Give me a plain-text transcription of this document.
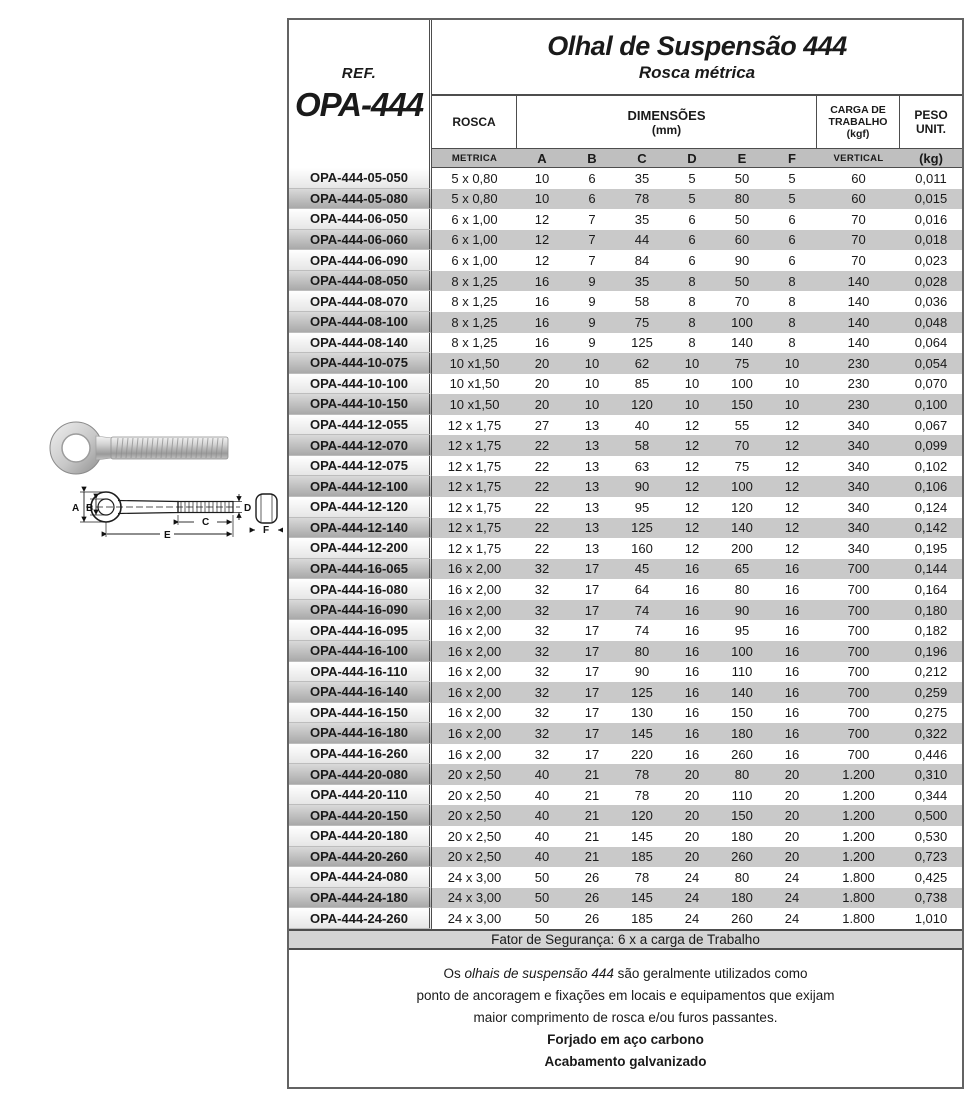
A B
C
D
E	F
REF.
OPA-444
Olhal de Suspensão 444
Rosca métrica
ROSCA	DIMENSÕES
(mm)
CARGA DE
TRABALHO
(kgf)
PESO
UNIT.
METRICA	A	B	C	D	E	F	VERTICAL	(kg)
OPA-444-05-050	5 x 0,80	10	6	35	5	50	5	60	0,011
OPA-444-05-080	5 x 0,80	10	6	78	5	80	5	60	0,015
OPA-444-06-050	6 x 1,00	12	7	35	6	50	6	70	0,016
OPA-444-06-060	6 x 1,00	12	7	44	6	60	6	70	0,018
OPA-444-06-090	6 x 1,00	12	7	84	6	90	6	70	0,023
OPA-444-08-050	8 x 1,25	16	9	35	8	50	8	140	0,028
OPA-444-08-070	8 x 1,25	16	9	58	8	70	8	140	0,036
OPA-444-08-100	8 x 1,25	16	9	75	8	100	8	140	0,048
OPA-444-08-140	8 x 1,25	16	9	125	8	140	8	140	0,064
OPA-444-10-075	10 x1,50	20	10	62	10	75	10	230	0,054
OPA-444-10-100	10 x1,50	20	10	85	10	100	10	230	0,070
OPA-444-10-150	10 x1,50	20	10	120	10	150	10	230	0,100
OPA-444-12-055	12 x 1,75	27	13	40	12	55	12	340	0,067
OPA-444-12-070	12 x 1,75	22	13	58	12	70	12	340	0,099
OPA-444-12-075	12 x 1,75	22	13	63	12	75	12	340	0,102
OPA-444-12-100	12 x 1,75	22	13	90	12	100	12	340	0,106
OPA-444-12-120	12 x 1,75	22	13	95	12	120	12	340	0,124
OPA-444-12-140	12 x 1,75	22	13	125	12	140	12	340	0,142
OPA-444-12-200	12 x 1,75	22	13	160	12	200	12	340	0,195
OPA-444-16-065	16 x 2,00	32	17	45	16	65	16	700	0,144
OPA-444-16-080	16 x 2,00	32	17	64	16	80	16	700	0,164
OPA-444-16-090	16 x 2,00	32	17	74	16	90	16	700	0,180
OPA-444-16-095	16 x 2,00	32	17	74	16	95	16	700	0,182
OPA-444-16-100	16 x 2,00	32	17	80	16	100	16	700	0,196
OPA-444-16-110	16 x 2,00	32	17	90	16	110	16	700	0,212
OPA-444-16-140	16 x 2,00	32	17	125	16	140	16	700	0,259
OPA-444-16-150	16 x 2,00	32	17	130	16	150	16	700	0,275
OPA-444-16-180	16 x 2,00	32	17	145	16	180	16	700	0,322
OPA-444-16-260	16 x 2,00	32	17	220	16	260	16	700	0,446
OPA-444-20-080	20 x 2,50	40	21	78	20	80	20	1.200	0,310
OPA-444-20-110	20 x 2,50	40	21	78	20	110	20	1.200	0,344
OPA-444-20-150	20 x 2,50	40	21	120	20	150	20	1.200	0,500
OPA-444-20-180	20 x 2,50	40	21	145	20	180	20	1.200	0,530
OPA-444-20-260	20 x 2,50	40	21	185	20	260	20	1.200	0,723
OPA-444-24-080	24 x 3,00	50	26	78	24	80	24	1.800	0,425
OPA-444-24-180	24 x 3,00	50	26	145	24	180	24	1.800	0,738
OPA-444-24-260	24 x 3,00	50	26	185	24	260	24	1.800	1,010
Fator de Segurança: 6 x a carga de Trabalho
Os olhais de suspensão 444 são geralmente utilizados como
ponto de ancoragem e fixações em locais e equipamentos que exijam
maior comprimento de rosca e/ou furos passantes.
Forjado em aço carbono
Acabamento galvanizado
